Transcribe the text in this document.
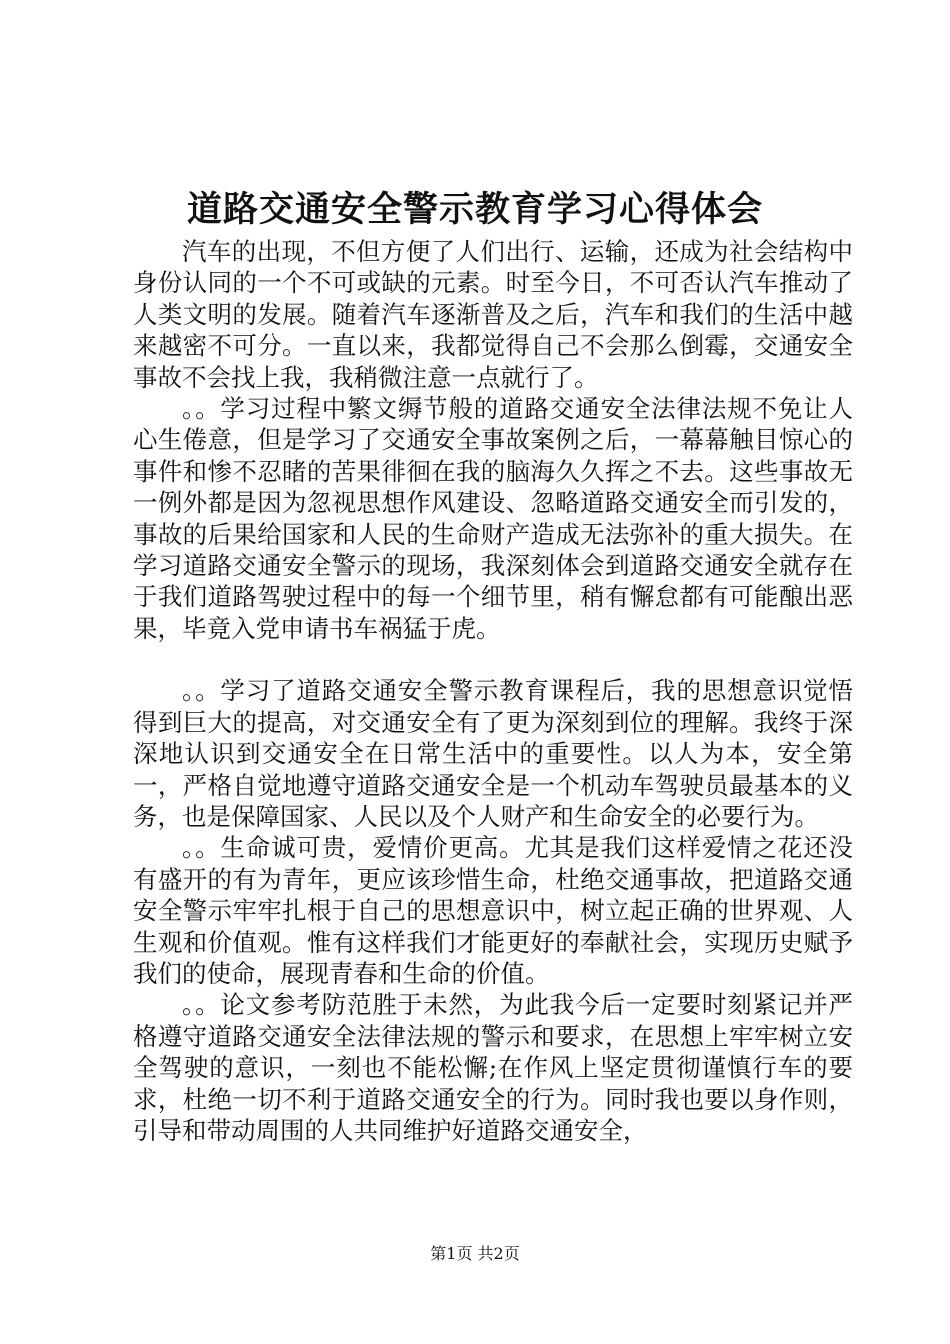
道路交通安全警示教育学习心得体会

汽车的出现，不但方便了人们出行、运输，还成为社会结构中身份认同的一个不可或缺的元素。时至今日，不可否认汽车推动了人类文明的发展。随着汽车逐渐普及之后，汽车和我们的生活中越来越密不可分。一直以来，我都觉得自己不会那么倒霉，交通安全事故不会找上我，我稍微注意一点就行了。

。。学习过程中繁文缛节般的道路交通安全法律法规不免让人心生倦意，但是学习了交通安全事故案例之后，一幕幕触目惊心的事件和惨不忍睹的苦果徘徊在我的脑海久久挥之不去。这些事故无一例外都是因为忽视思想作风建设、忽略道路交通安全而引发的，事故的后果给国家和人民的生命财产造成无法弥补的重大损失。在学习道路交通安全警示的现场，我深刻体会到道路交通安全就存在于我们道路驾驶过程中的每一个细节里，稍有懈怠都有可能酿出恶果，毕竟入党申请书车祸猛于虎。

。。学习了道路交通安全警示教育课程后，我的思想意识觉悟得到巨大的提高，对交通安全有了更为深刻到位的理解。我终于深深地认识到交通安全在日常生活中的重要性。以人为本，安全第一，严格自觉地遵守道路交通安全是一个机动车驾驶员最基本的义务，也是保障国家、人民以及个人财产和生命安全的必要行为。

。。生命诚可贵，爱情价更高。尤其是我们这样爱情之花还没有盛开的有为青年，更应该珍惜生命，杜绝交通事故，把道路交通安全警示牢牢扎根于自己的思想意识中，树立起正确的世界观、人生观和价值观。惟有这样我们才能更好的奉献社会，实现历史赋予我们的使命，展现青春和生命的价值。

。。论文参考防范胜于未然，为此我今后一定要时刻紧记并严格遵守道路交通安全法律法规的警示和要求，在思想上牢牢树立安全驾驶的意识，一刻也不能松懈;在作风上坚定贯彻谨慎行车的要求，杜绝一切不利于道路交通安全的行为。同时我也要以身作则，引导和带动周围的人共同维护好道路交通安全，

第1页 共2页
